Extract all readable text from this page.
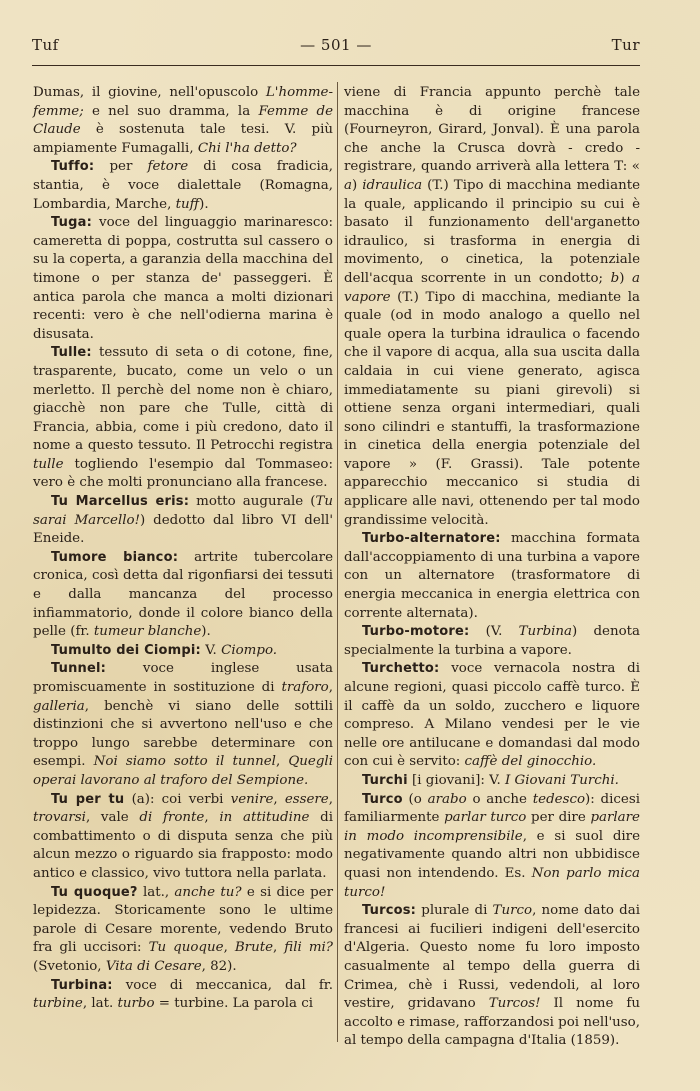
Tuf	— 501 —	Tur

Dumas, il giovine, nell'opuscolo L'homme-femme; e nel suo dramma, la Femme de Claude è sostenuta tale tesi. V. più ampiamente Fumagalli, Chi l'ha detto?

Tuffo: per fetore di cosa fradicia, stantia, è voce dialettale (Romagna, Lombardia, Marche, tuff).

Tuga: voce del linguaggio marinaresco: cameretta di poppa, costrutta sul cassero o su la coperta, a garanzia della macchina del timone o per stanza de' passeggeri. È antica parola che manca a molti dizionari recenti: vero è che nell'odierna marina è disusata.

Tulle: tessuto di seta o di cotone, fine, trasparente, bucato, come un velo o un merletto. Il perchè del nome non è chiaro, giacchè non pare che Tulle, città di Francia, abbia, come i più credono, dato il nome a questo tessuto. Il Petrocchi registra tulle togliendo l'esempio dal Tommaseo: vero è che molti pronunciano alla francese.

Tu Marcellus eris: motto augurale (Tu sarai Marcello!) dedotto dal libro VI dell' Eneide.

Tumore bianco: artrite tubercolare cronica, così detta dal rigonfiarsi dei tessuti e dalla mancanza del processo infiammatorio, donde il colore bianco della pelle (fr. tumeur blanche).

Tumulto dei Ciompi: V. Ciompo.

Tunnel: voce inglese usata promiscuamente in sostituzione di traforo, galleria, benchè vi siano delle sottili distinzioni che si avvertono nell'uso e che troppo lungo sarebbe determinare con esempi. Noi siamo sotto il tunnel, Quegli operai lavorano al traforo del Sempione.

Tu per tu (a): coi verbi venire, essere, trovarsi, vale di fronte, in attitudine di combattimento o di disputa senza che più alcun mezzo o riguardo sia frapposto: modo antico e classico, vivo tuttora nella parlata.

Tu quoque? lat., anche tu? e si dice per lepidezza. Storicamente sono le ultime parole di Cesare morente, vedendo Bruto fra gli uccisori: Tu quoque, Brute, fili mi? (Svetonio, Vita di Cesare, 82).

Turbina: voce di meccanica, dal fr. turbine, lat. turbo = turbine. La parola ci

viene di Francia appunto perchè tale macchina è di origine francese (Fourneyron, Girard, Jonval). È una parola che anche la Crusca dovrà - credo - registrare, quando arriverà alla lettera T: « a) idraulica (T.) Tipo di macchina mediante la quale, applicando il principio su cui è basato il funzionamento dell'arganetto idraulico, si trasforma in energia di movimento, o cinetica, la potenziale dell'acqua scorrente in un condotto; b) a vapore (T.) Tipo di macchina, mediante la quale (od in modo analogo a quello nel quale opera la turbina idraulica o facendo che il vapore di acqua, alla sua uscita dalla caldaia in cui viene generato, agisca immediatamente su piani girevoli) si ottiene senza organi intermediari, quali sono cilindri e stantuffi, la trasformazione in cinetica della energia potenziale del vapore » (F. Grassi). Tale potente apparecchio meccanico si studia di applicare alle navi, ottenendo per tal modo grandissime velocità.

Turbo-alternatore: macchina formata dall'accoppiamento di una turbina a vapore con un alternatore (trasformatore di energia meccanica in energia elettrica con corrente alternata).

Turbo-motore: (V. Turbina) denota specialmente la turbina a vapore.

Turchetto: voce vernacola nostra di alcune regioni, quasi piccolo caffè turco. È il caffè da un soldo, zucchero e liquore compreso. A Milano vendesi per le vie nelle ore antilucane e domandasi dal modo con cui è servito: caffè del ginocchio.

Turchi [i giovani]: V. I Giovani Turchi.

Turco (o arabo o anche tedesco): dicesi familiarmente parlar turco per dire parlare in modo incomprensibile, e si suol dire negativamente quando altri non ubbidisce quasi non intendendo. Es. Non parlo mica turco!

Turcos: plurale di Turco, nome dato dai francesi ai fucilieri indigeni dell'esercito d'Algeria. Questo nome fu loro imposto casualmente al tempo della guerra di Crimea, chè i Russi, vedendoli, al loro vestire, gridavano Turcos! Il nome fu accolto e rimase, rafforzandosi poi nell'uso, al tempo della campagna d'Italia (1859).
